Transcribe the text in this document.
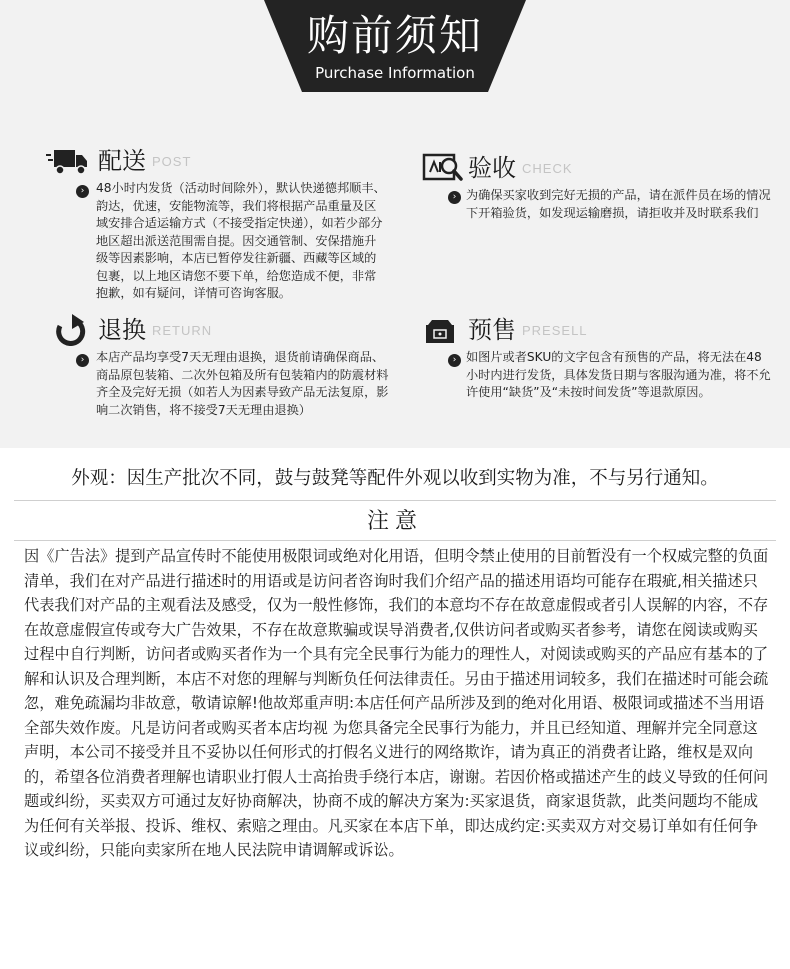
购前须知
Purchase Information
配送 POST
› 48小时内发货（活动时间除外），默认快递德邦顺丰、韵达，优速，安能物流等，我们将根据产品重量及区域安排合适运输方式（不接受指定快递），如若少部分地区超出派送范围需自提。因交通管制、安保措施升级等因素影响，本店已暂停发往新疆、西藏等区域的包裹，以上地区请您不要下单，给您造成不便，非常抱歉，如有疑问，详情可咨询客服。
验收 CHECK
› 为确保买家收到完好无损的产品，请在派件员在场的情况下开箱验货，如发现运输磨损，请拒收并及时联系我们
退换 RETURN
› 本店产品均享受7天无理由退换，退货前请确保商品、商品原包装箱、二次外包箱及所有包装箱内的防震材料齐全及完好无损（如若人为因素导致产品无法复原，影响二次销售，将不接受7天无理由退换）
预售 PRESELL
› 如图片或者SKU的文字包含有预售的产品，将无法在48小时内进行发货，具体发货日期与客服沟通为准，将不允许使用“缺货”及“未按时间发货”等退款原因。
外观：因生产批次不同，鼓与鼓凳等配件外观以收到实物为准，不与另行通知。
注意
因《广告法》提到产品宣传时不能使用极限词或绝对化用语，但明令禁止使用的目前暂没有一个权威完整的负面清单，我们在对产品进行描述时的用语或是访问者咨询时我们介绍产品的描述用语均可能存在瑕疵,相关描述只代表我们对产品的主观看法及感受，仅为一般性修饰，我们的本意均不存在故意虚假或者引人误解的内容，不存在故意虚假宣传或夸大广告效果，不存在故意欺骗或误导消费者,仅供访问者或购买者参考，请您在阅读或购买过程中自行判断，访问者或购买者作为一个具有完全民事行为能力的理性人，对阅读或购买的产品应有基本的了解和认识及合理判断，本店不对您的理解与判断负任何法律责任。另由于描述用词较多，我们在描述时可能会疏忽，难免疏漏均非故意，敬请谅解!他故郑重声明:本店任何产品所涉及到的绝对化用语、极限词或描述不当用语全部失效作废。凡是访问者或购买者本店均视 为您具备完全民事行为能力，并且已经知道、理解并完全同意这声明，本公司不接受并且不妥协以任何形式的打假名义进行的网络欺诈，请为真正的消费者让路，维权是双向的，希望各位消费者理解也请职业打假人士高抬贵手绕行本店，谢谢。若因价格或描述产生的歧义导致的任何问题或纠纷，买卖双方可通过友好协商解决，协商不成的解决方案为:买家退货，商家退货款，此类问题均不能成为任何有关举报、投诉、维权、索赔之理由。凡买家在本店下单，即达成约定:买卖双方对交易订单如有任何争议或纠纷，只能向卖家所在地人民法院申请调解或诉讼。
